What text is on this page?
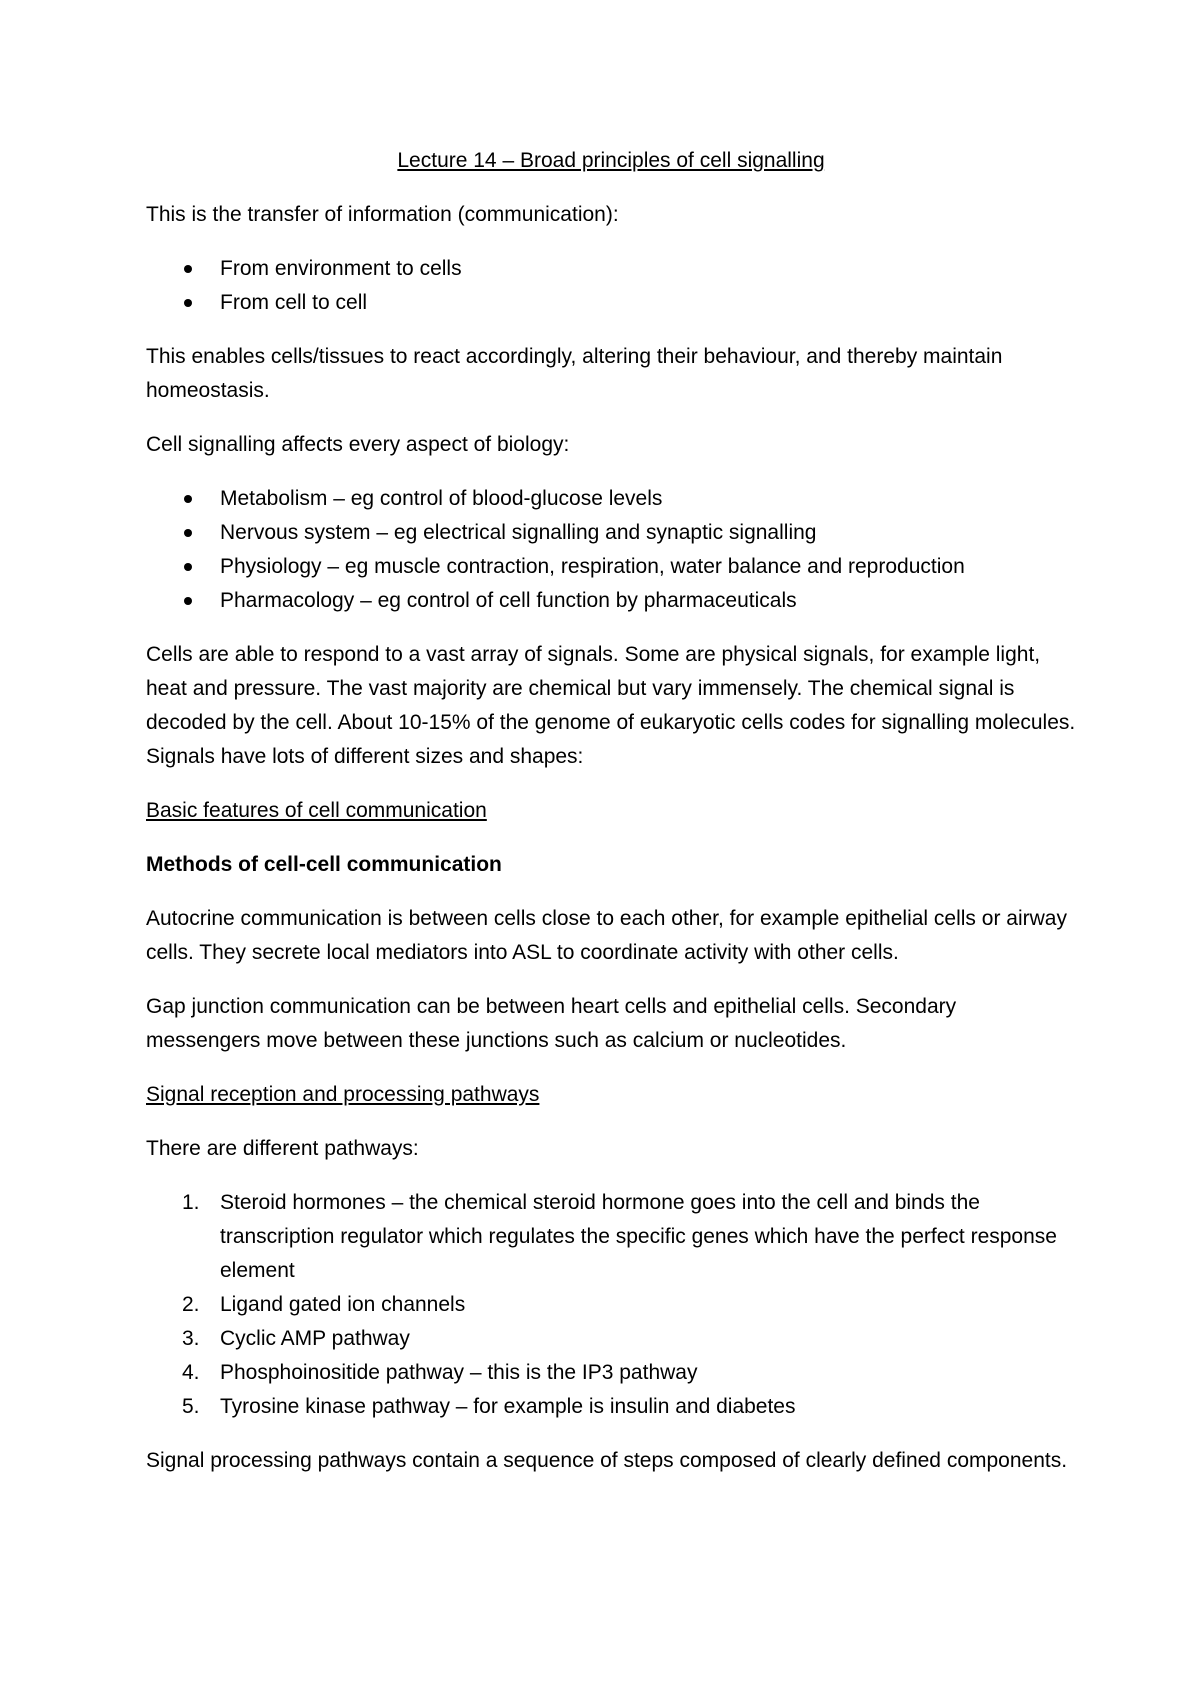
Lecture 14 – Broad principles of cell signalling

This is the transfer of information (communication):

From environment to cells
From cell to cell

This enables cells/tissues to react accordingly, altering their behaviour, and thereby maintain homeostasis.

Cell signalling affects every aspect of biology:

Metabolism – eg control of blood-glucose levels
Nervous system – eg electrical signalling and synaptic signalling
Physiology – eg muscle contraction, respiration, water balance and reproduction
Pharmacology – eg control of cell function by pharmaceuticals

Cells are able to respond to a vast array of signals. Some are physical signals, for example light, heat and pressure. The vast majority are chemical but vary immensely. The chemical signal is decoded by the cell. About 10-15% of the genome of eukaryotic cells codes for signalling molecules. Signals have lots of different sizes and shapes:

Basic features of cell communication

Methods of cell-cell communication

Autocrine communication is between cells close to each other, for example epithelial cells or airway cells. They secrete local mediators into ASL to coordinate activity with other cells.

Gap junction communication can be between heart cells and epithelial cells. Secondary messengers move between these junctions such as calcium or nucleotides.

Signal reception and processing pathways

There are different pathways:

1. Steroid hormones – the chemical steroid hormone goes into the cell and binds the transcription regulator which regulates the specific genes which have the perfect response element
2. Ligand gated ion channels
3. Cyclic AMP pathway
4. Phosphoinositide pathway – this is the IP3 pathway
5. Tyrosine kinase pathway – for example is insulin and diabetes

Signal processing pathways contain a sequence of steps composed of clearly defined components.
